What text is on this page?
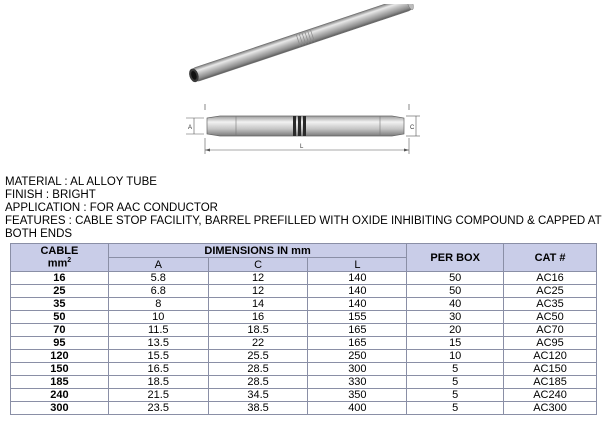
A	C
L
MATERIAL : AL ALLOY TUBE
FINISH : BRIGHT
APPLICATION : FOR AAC CONDUCTOR
FEATURES : CABLE STOP FACILITY, BARREL PREFILLED WITH OXIDE INHIBITING COMPOUND & CAPPED AT
BOTH ENDS
CABLE
$mm^2$	DIMENSIONS IN mm			PER BOX	CAT #
	A	C	L		
16	5.8	12	140	50	AC16
25	6.8	12	140	50	AC25
35	8	14	140	40	AC35
50	10	16	155	30	AC50
70	11.5	18.5	165	20	AC70
95	13.5	22	165	15	AC95
120	15.5	25.5	250	10	AC120
150	16.5	28.5	300	5	AC150
185	18.5	28.5	330	5	AC185
240	21.5	34.5	350	5	AC240
300	23.5	38.5	400	5	AC300
